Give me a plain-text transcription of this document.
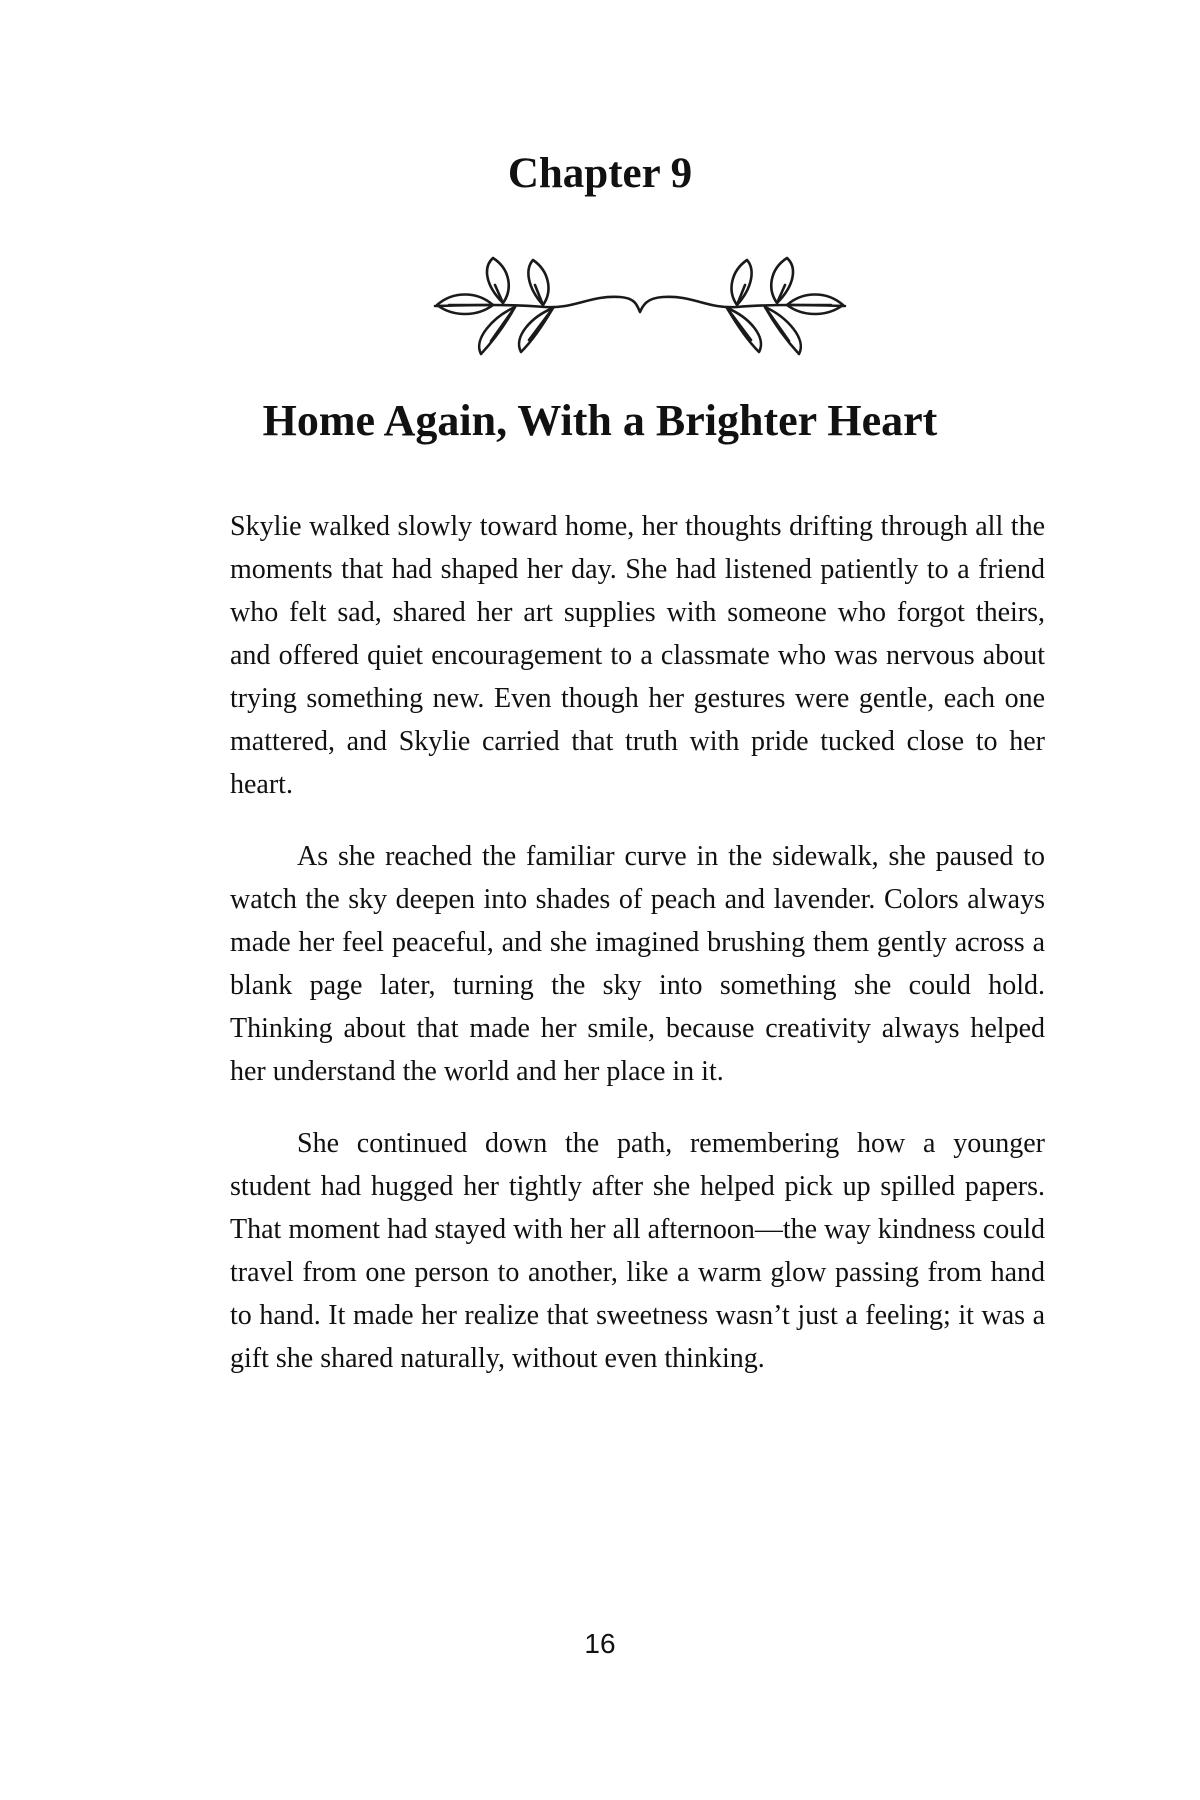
Chapter 9
Home Again, With a Brighter Heart

Skylie walked slowly toward home, her thoughts drifting through all the moments that had shaped her day. She had listened patiently to a friend who felt sad, shared her art supplies with someone who forgot theirs, and offered quiet encouragement to a classmate who was nervous about trying something new. Even though her gestures were gentle, each one mattered, and Skylie carried that truth with pride tucked close to her heart.

As she reached the familiar curve in the sidewalk, she paused to watch the sky deepen into shades of peach and lavender. Colors always made her feel peaceful, and she imagined brushing them gently across a blank page later, turning the sky into something she could hold. Thinking about that made her smile, because creativity always helped her understand the world and her place in it.

She continued down the path, remembering how a younger student had hugged her tightly after she helped pick up spilled papers. That moment had stayed with her all afternoon—the way kindness could travel from one person to another, like a warm glow passing from hand to hand. It made her realize that sweetness wasn’t just a feeling; it was a gift she shared naturally, without even thinking.

16
